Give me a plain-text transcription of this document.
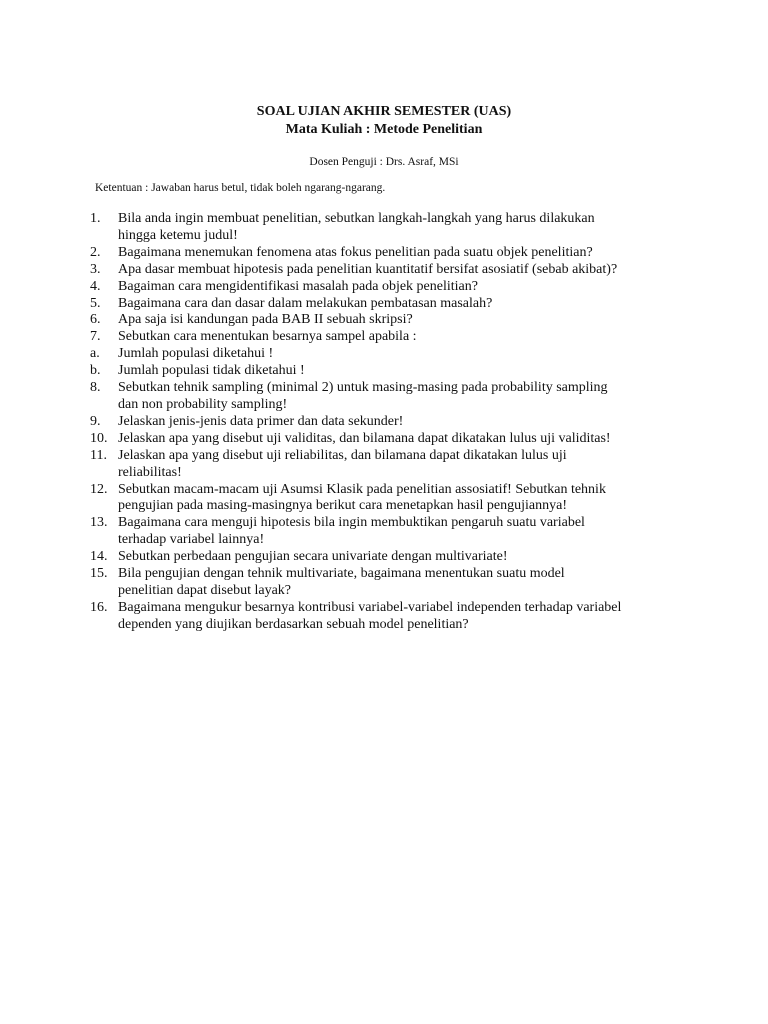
SOAL UJIAN AKHIR SEMESTER (UAS)
Mata Kuliah : Metode Penelitian
Dosen Penguji : Drs. Asraf, MSi
Ketentuan : Jawaban harus betul, tidak boleh ngarang-ngarang.
1.	Bila anda ingin membuat penelitian, sebutkan langkah-langkah yang harus dilakukan
hingga ketemu judul!
2.	Bagaimana menemukan fenomena atas fokus penelitian pada suatu objek penelitian?
3.	Apa dasar membuat hipotesis pada penelitian kuantitatif bersifat asosiatif (sebab akibat)?
4.	Bagaiman cara mengidentifikasi masalah pada objek penelitian?
5.	Bagaimana cara dan dasar dalam melakukan pembatasan masalah?
6.	Apa saja isi kandungan pada BAB II sebuah skripsi?
7.	Sebutkan cara menentukan besarnya sampel apabila :
a.	Jumlah populasi diketahui !
b.	Jumlah populasi tidak diketahui !
8.	Sebutkan tehnik sampling (minimal 2) untuk masing-masing pada probability sampling
dan non probability sampling!
9.	Jelaskan jenis-jenis data primer dan data sekunder!
10. Jelaskan apa yang disebut uji validitas, dan bilamana dapat dikatakan lulus uji validitas!
11. Jelaskan apa yang disebut uji reliabilitas, dan bilamana dapat dikatakan lulus uji
reliabilitas!
12. Sebutkan macam-macam uji Asumsi Klasik pada penelitian assosiatif! Sebutkan tehnik
pengujian pada masing-masingnya berikut cara menetapkan hasil pengujiannya!
13. Bagaimana cara menguji hipotesis bila ingin membuktikan pengaruh suatu variabel
terhadap variabel lainnya!
14. Sebutkan perbedaan pengujian secara univariate dengan multivariate!
15. Bila pengujian dengan tehnik multivariate, bagaimana menentukan suatu model
penelitian dapat disebut layak?
16. Bagaimana mengukur besarnya kontribusi variabel-variabel independen terhadap variabel
dependen yang diujikan berdasarkan sebuah model penelitian?
